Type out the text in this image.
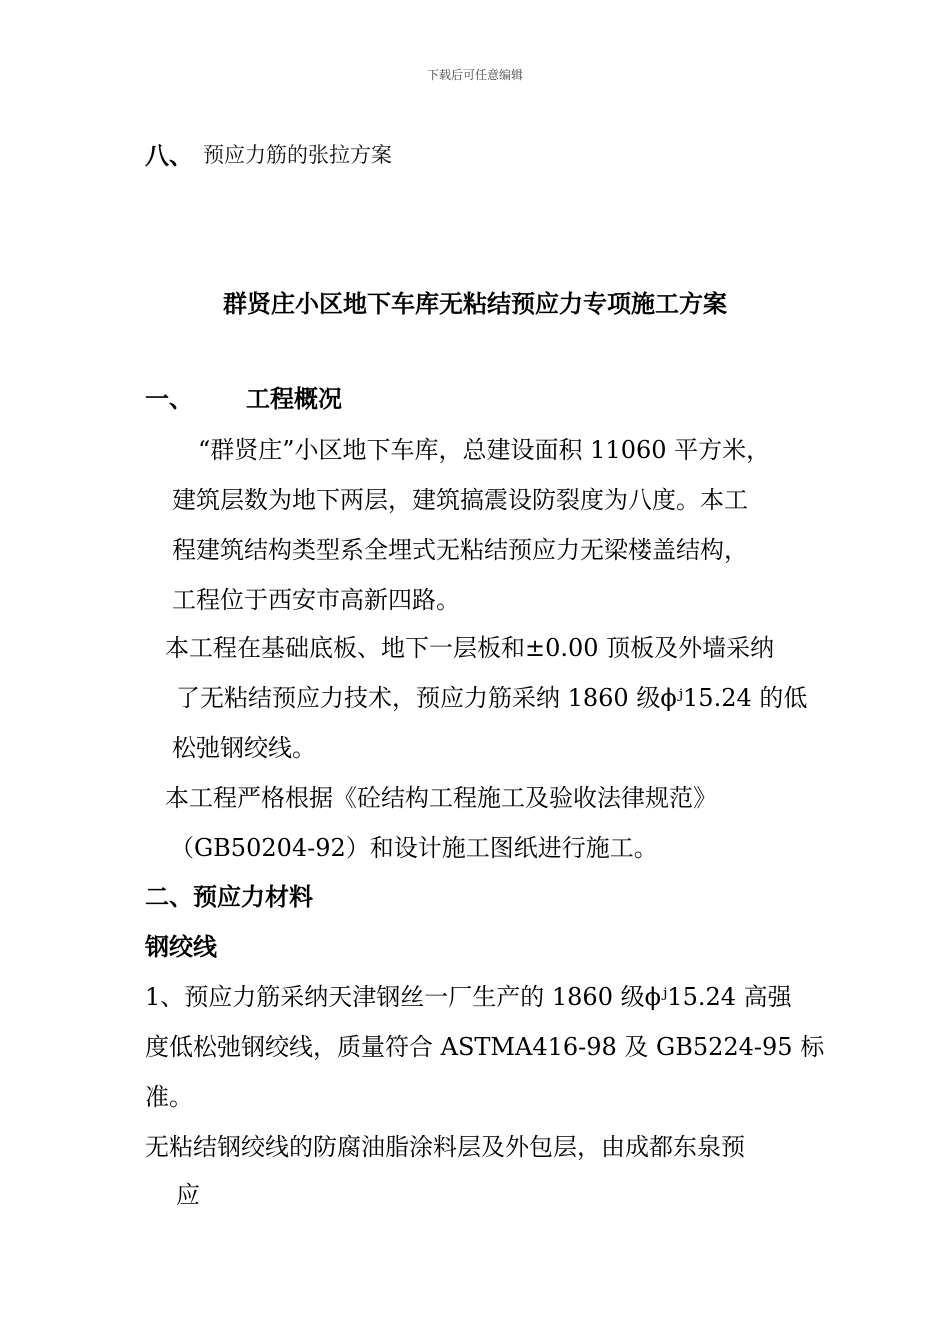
下载后可任意编辑
八、 预应力筋的张拉方案
群贤庄小区地下车库无粘结预应力专项施工方案
一、 工程概况
“群贤庄”小区地下车库，总建设面积 11060 平方米，
建筑层数为地下两层，建筑搞震设防裂度为八度。本工
程建筑结构类型系全埋式无粘结预应力无梁楼盖结构，
工程位于西安市高新四路。
本工程在基础底板、地下一层板和±0.00 顶板及外墙采纳
了无粘结预应力技术，预应力筋采纳 1860 级ϕʲ15.24 的低
松弛钢绞线。
本工程严格根据《砼结构工程施工及验收法律规范》
（GB50204-92）和设计施工图纸进行施工。
二、预应力材料
钢绞线
1、预应力筋采纳天津钢丝一厂生产的 1860 级ϕʲ15.24 高强
度低松弛钢绞线，质量符合 ASTMA416-98 及 GB5224-95 标
准。
无粘结钢绞线的防腐油脂涂料层及外包层，由成都东泉预
应
